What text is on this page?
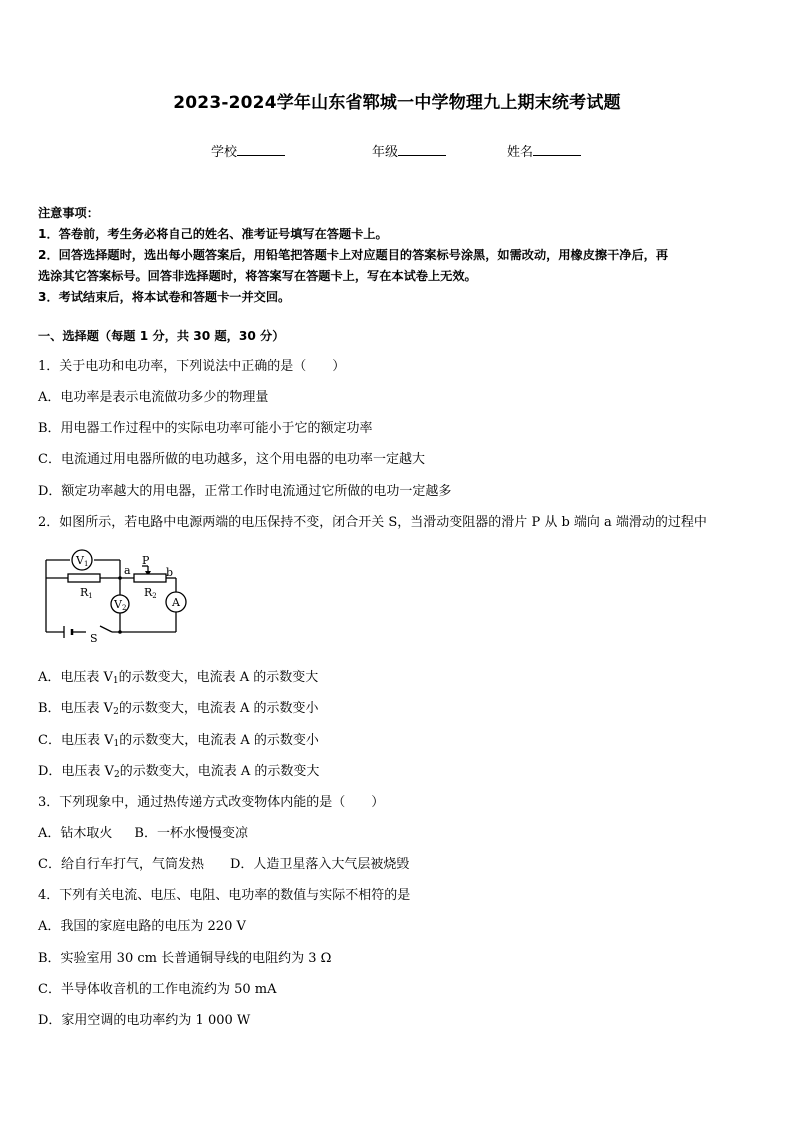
2023-2024学年山东省郓城一中学物理九上期末统考试题
学校	年级	姓名

注意事项：

1．答卷前，考生务必将自己的姓名、准考证号填写在答题卡上。

2．回答选择题时，选出每小题答案后，用铅笔把答题卡上对应题目的答案标号涂黑，如需改动，用橡皮擦干净后，再

选涂其它答案标号。回答非选择题时，将答案写在答题卡上，写在本试卷上无效。

3．考试结束后，将本试卷和答题卡一并交回。

一、选择题（每题 1 分，共 30 题，30 分）
1．关于电功和电功率，下列说法中正确的是（　　）
A．电功率是表示电流做功多少的物理量
B．用电器工作过程中的实际电功率可能小于它的额定功率
C．电流通过用电器所做的电功越多，这个用电器的电功率一定越大
D．额定功率越大的用电器，正常工作时电流通过它所做的电功一定越多
2．如图所示，若电路中电源两端的电压保持不变，闭合开关 S，当滑动变阻器的滑片 P 从 b 端向 a 端滑动的过程中
V1
V2	A
R1	R2
P
a	b
S
A．电压表 $V_1$的示数变大，电流表 A 的示数变大
B．电压表 $V_2$的示数变大，电流表 A 的示数变小
C．电压表 $V_1$的示数变大，电流表 A 的示数变小
D．电压表 $V_2$的示数变大，电流表 A 的示数变大
3．下列现象中，通过热传递方式改变物体内能的是（　　）
A．钻木取火 B．一杯水慢慢变凉
C．给自行车打气，气筒发热 D．人造卫星落入大气层被烧毁
4．下列有关电流、电压、电阻、电功率的数值与实际不相符的是
A．我国的家庭电路的电压为 220 V
B．实验室用 30 cm 长普通铜导线的电阻约为 3 Ω
C．半导体收音机的工作电流约为 50 mA
D．家用空调的电功率约为 1 000 W
